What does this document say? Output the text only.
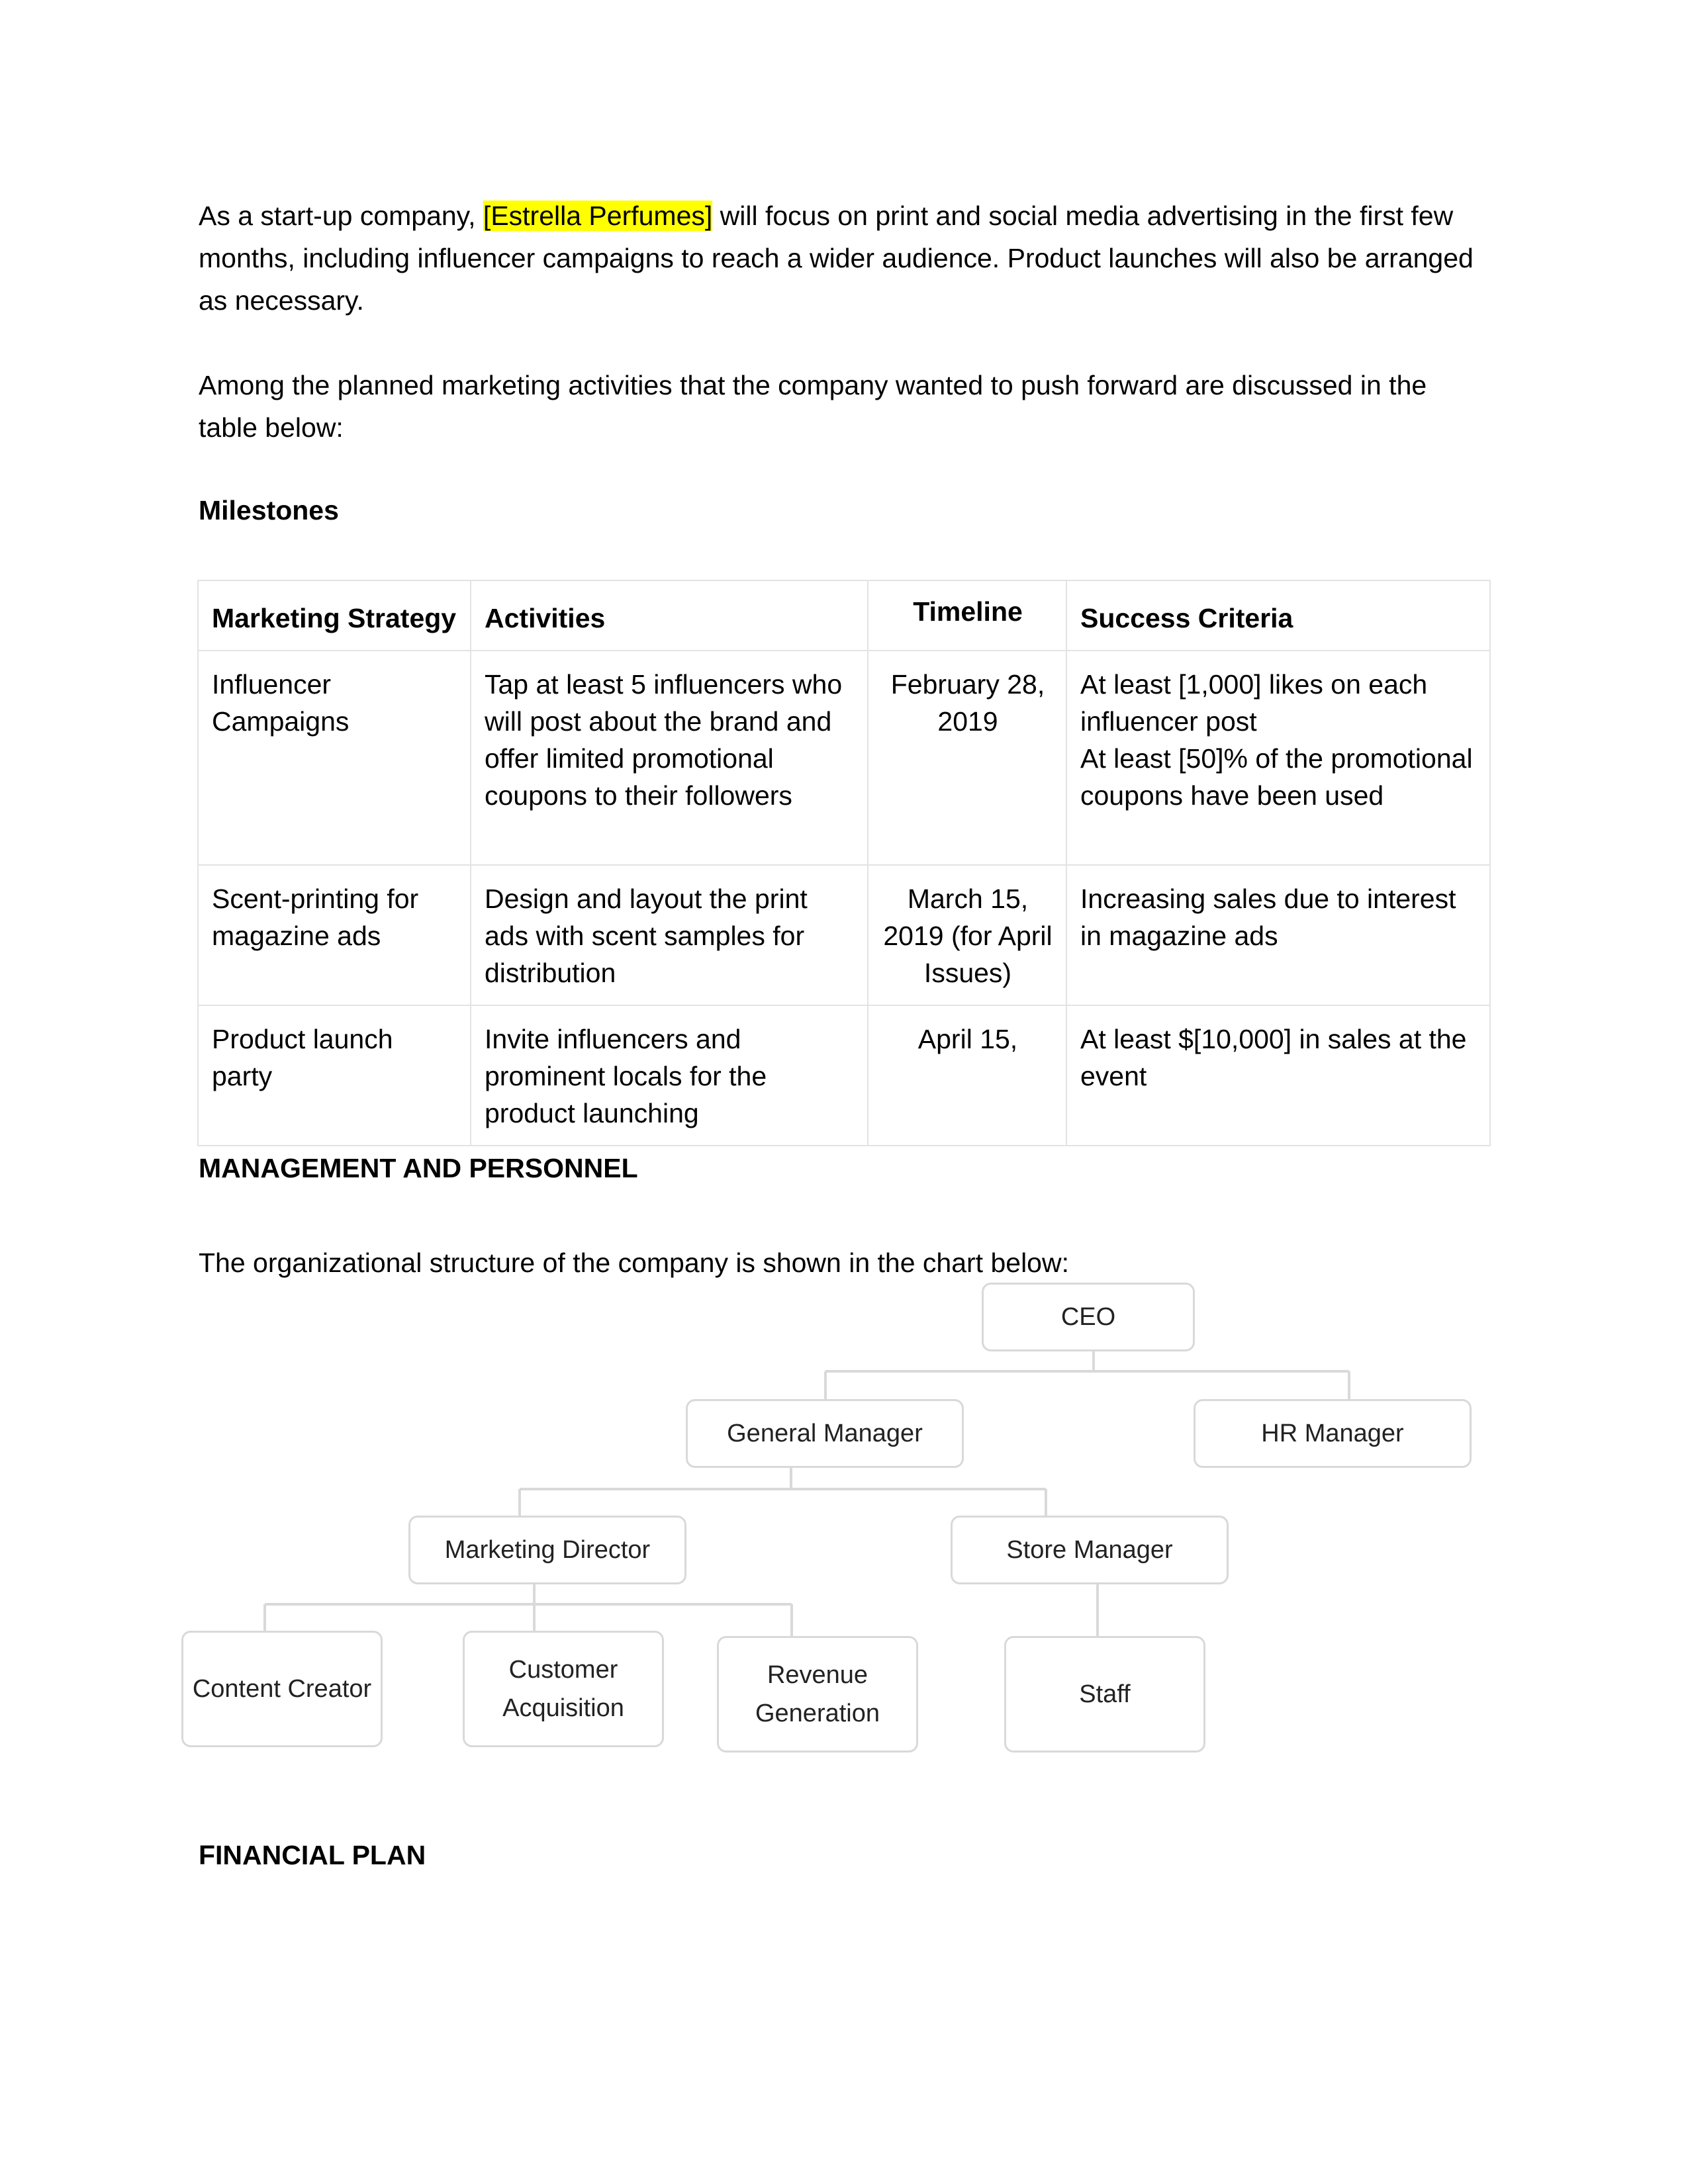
As a start-up company, [Estrella Perfumes] will focus on print and social media advertising in the first few months, including influencer campaigns to reach a wider audience. Product launches will also be arranged as necessary.

Among the planned marketing activities that the company wanted to push forward are discussed in the table below:

Milestones

Marketing Strategy	Activities	Timeline	Success Criteria
Influencer Campaigns	Tap at least 5 influencers who will post about the brand and offer limited promotional coupons to their followers	February 28, 2019	At least [1,000] likes on each influencer post
At least [50]% of the promotional coupons have been used

Scent-printing for magazine ads	Design and layout the print ads with scent samples for distribution	March 15, 2019 (for April Issues)	Increasing sales due to interest in magazine ads

Product launch party	Invite influencers and prominent locals for the product launching	April 15,	At least $[10,000] in sales at the event

MANAGEMENT AND PERSONNEL

The organizational structure of the company is shown in the chart below:

CEO
General Manager	HR Manager
Marketing Director	Store Manager
Content Creator
Customer Acquisition
Revenue Generation
Staff

FINANCIAL PLAN
